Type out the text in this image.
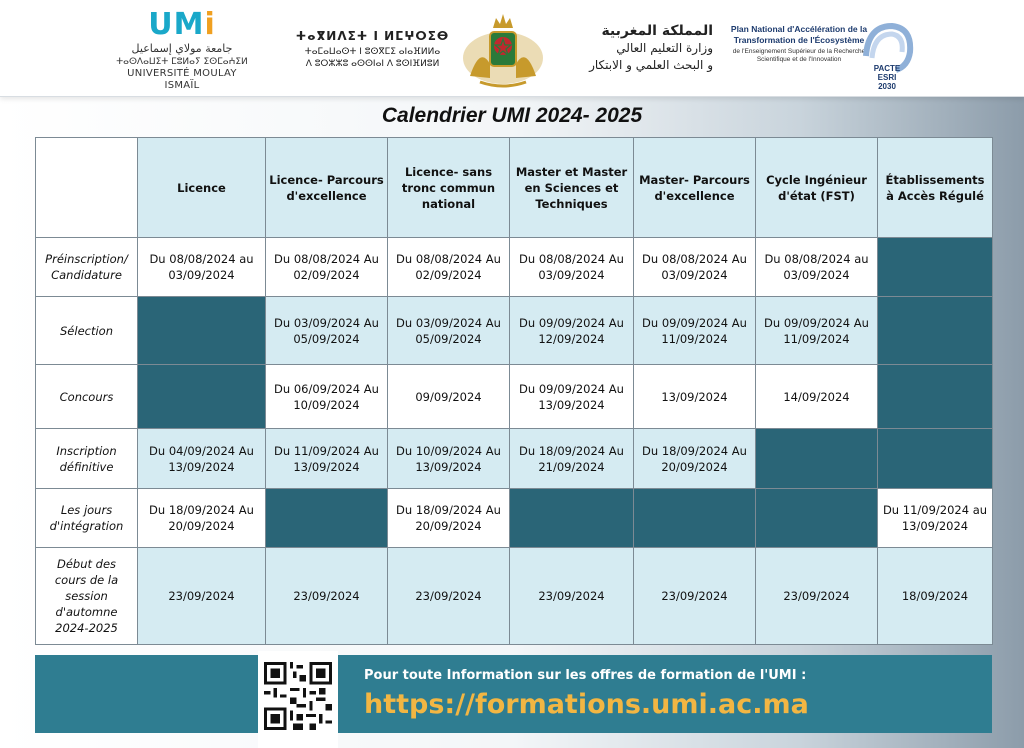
UMi
جامعة مولاي إسماعيل
ⵜⴰⵙⴷⴰⵡⵉⵜ ⵎⵓⵍⴰⵢ ⵉⵙⵎⴰⵄⵉⵍ
UNIVERSITÉ MOULAY ISMAÏL
ⵜⴰⴳⵍⴷⵉⵜ ⵏ ⵍⵎⵖⵔⵉⴱ
ⵜⴰⵎⴰⵡⴰⵙⵜ ⵏ ⵓⵙⴳⵎⵉ ⴰⵏⴰⴼⵍⵍⴰ
ⴷ ⵓⵔⵣⵣⵓ ⴰⵙⵙⵏⴰⵏ ⴷ ⵓⵙⵏⴼⵍⵓⵍ
المملكة المغربية
وزارة التعليم العالي
و البحث العلمي و الابتكار
Plan National d'Accélération de la Transformation de l'Écosystème
de l'Enseignement Supérieur de la Recherche Scientifique et de l'Innovation
PACTE
ESRI
2030
Calendrier UMI 2024- 2025
	Licence	Licence- Parcours d'excellence	Licence- sans tronc commun national	Master et Master en Sciences et Techniques	Master- Parcours d'excellence	Cycle Ingénieur d'état (FST)	Établissements à Accès Régulé
Préinscription/ Candidature	Du 08/08/2024 au 03/09/2024	Du 08/08/2024 Au 02/09/2024	Du 08/08/2024 Au 02/09/2024	Du 08/08/2024 Au 03/09/2024	Du 08/08/2024 Au 03/09/2024	Du 08/08/2024 au 03/09/2024	
Sélection		Du 03/09/2024 Au 05/09/2024	Du 03/09/2024 Au 05/09/2024	Du 09/09/2024 Au 12/09/2024	Du 09/09/2024 Au 11/09/2024	Du 09/09/2024 Au 11/09/2024	
Concours		Du 06/09/2024 Au 10/09/2024	09/09/2024	Du 09/09/2024 Au 13/09/2024	13/09/2024	14/09/2024	
Inscription définitive	Du 04/09/2024 Au 13/09/2024	Du 11/09/2024 Au 13/09/2024	Du 10/09/2024 Au 13/09/2024	Du 18/09/2024 Au 21/09/2024	Du 18/09/2024 Au 20/09/2024		
Les jours d'intégration	Du 18/09/2024 Au 20/09/2024		Du 18/09/2024 Au 20/09/2024				Du 11/09/2024 au 13/09/2024
Début des cours de la session d'automne 2024-2025	23/09/2024	23/09/2024	23/09/2024	23/09/2024	23/09/2024	23/09/2024	18/09/2024
Pour toute Information sur les offres de formation de l'UMI :
https://formations.umi.ac.ma
